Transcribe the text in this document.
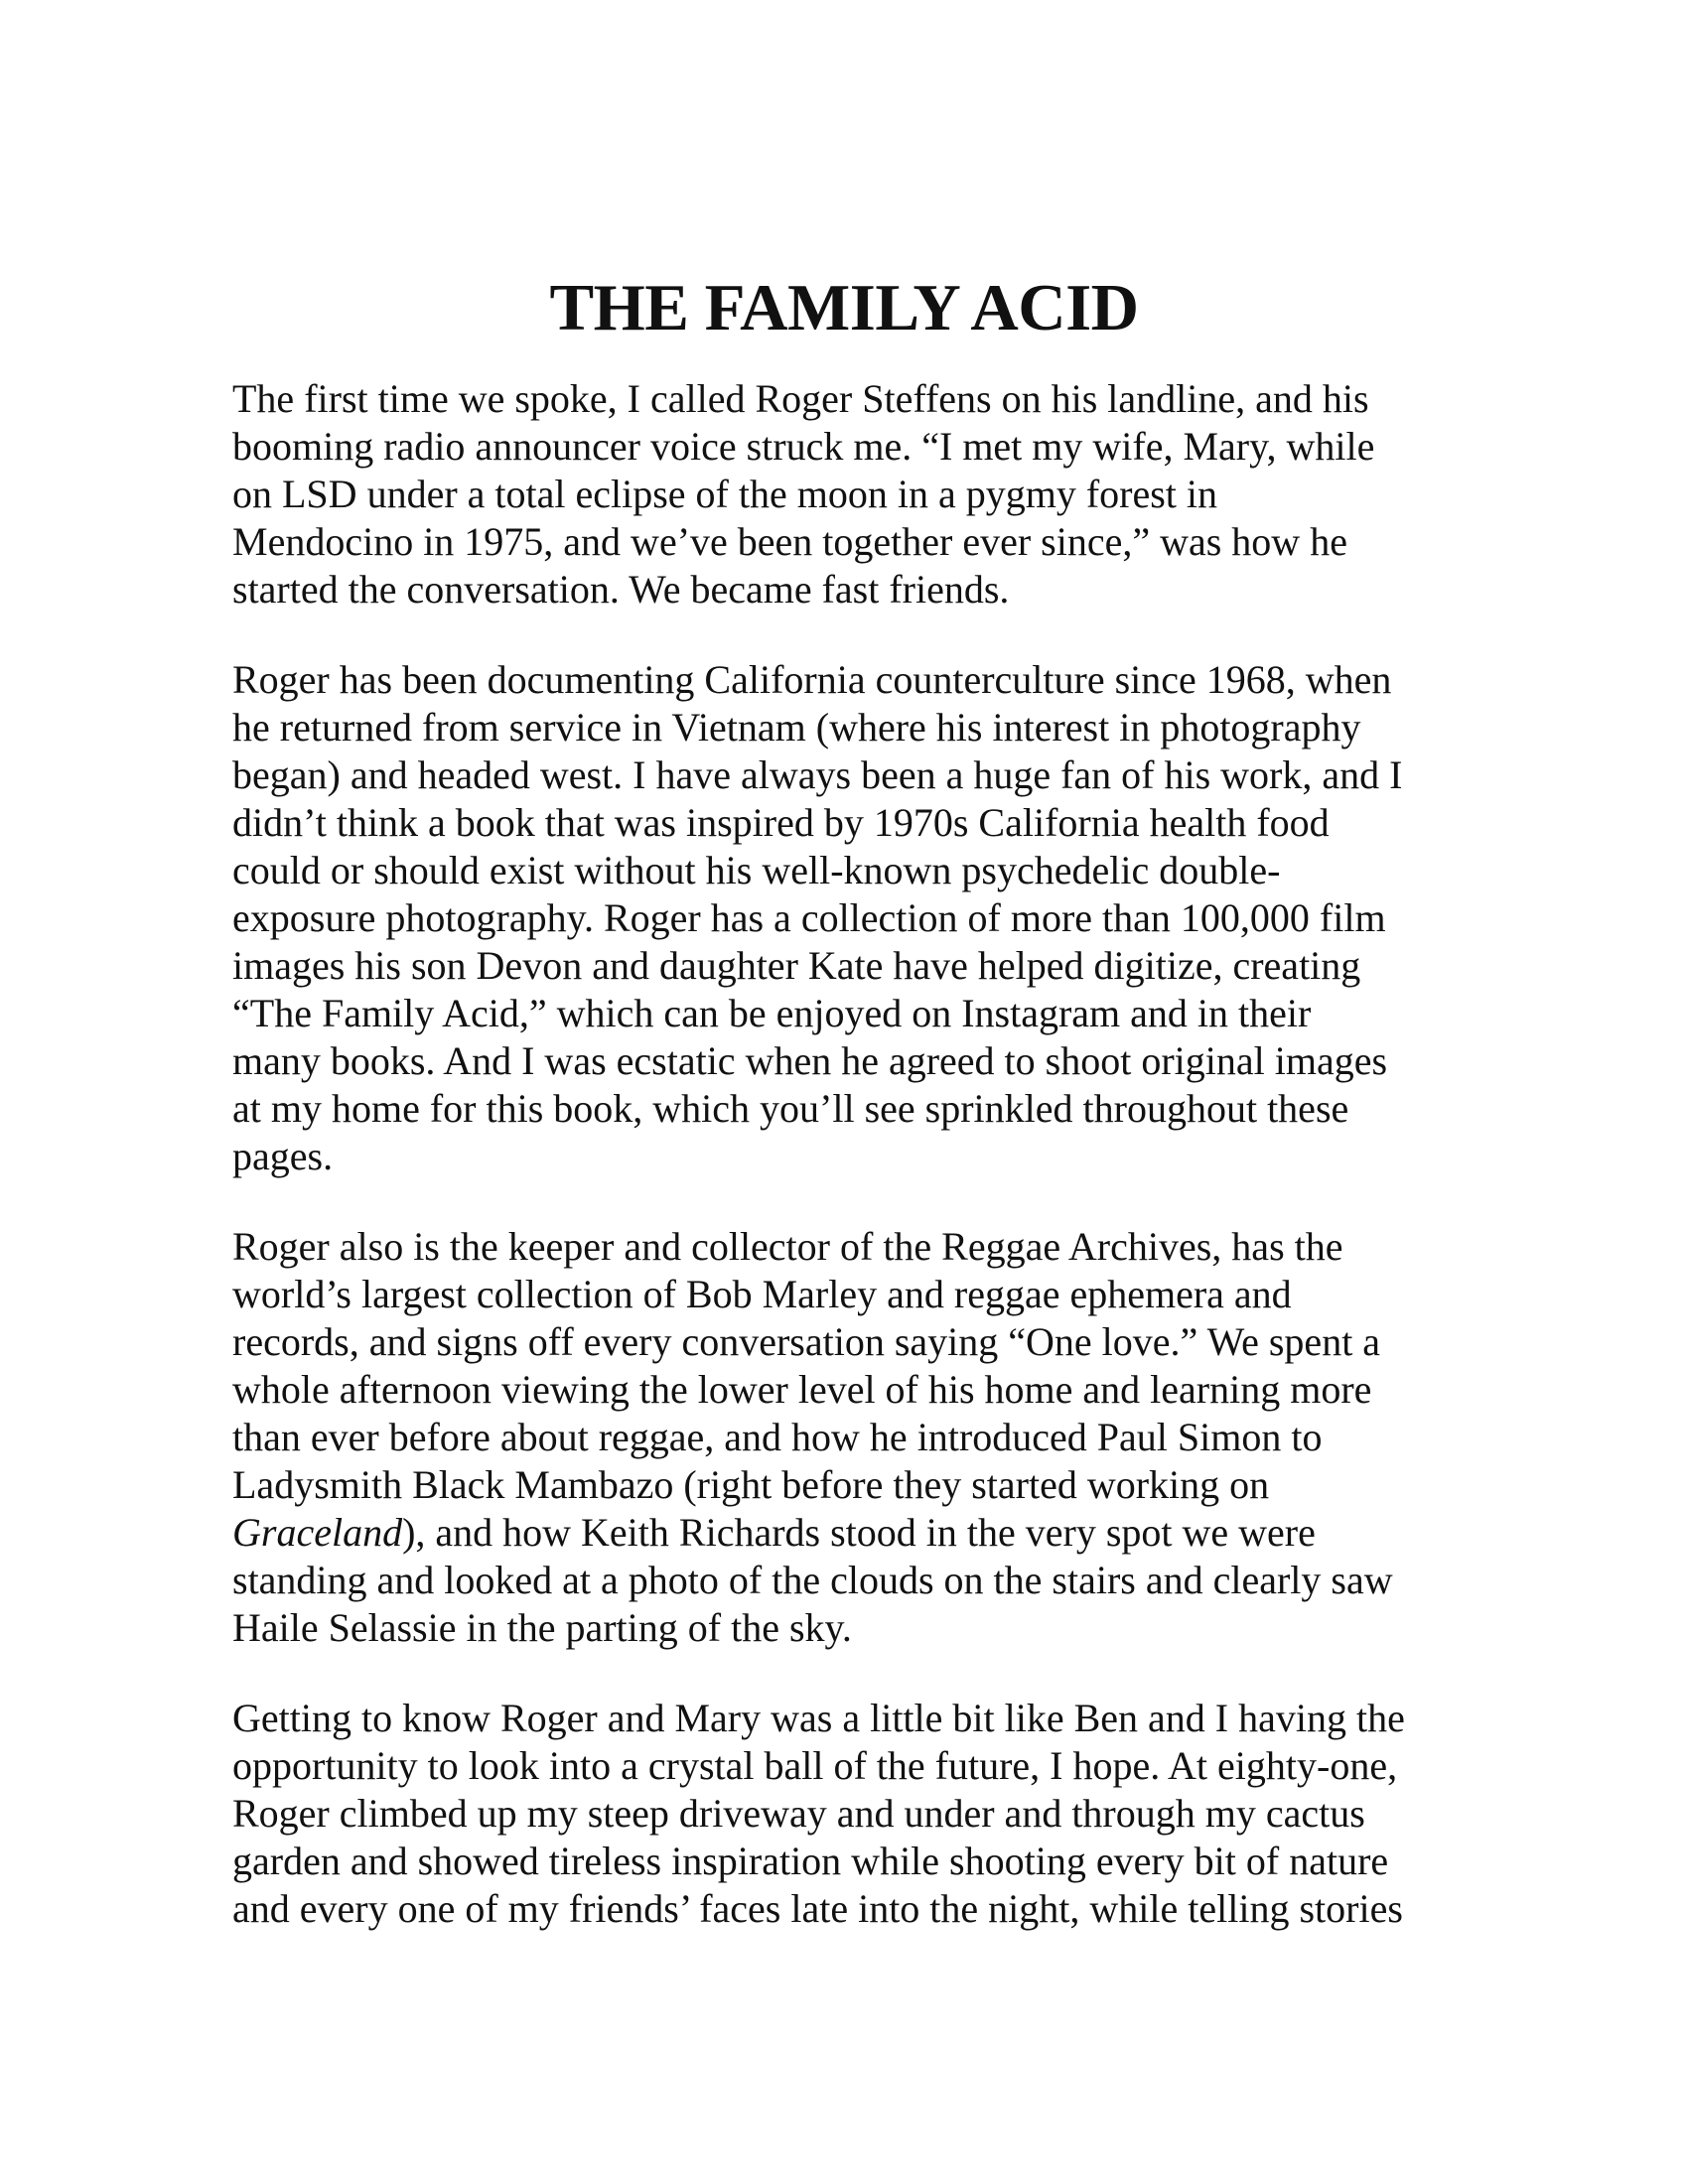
THE FAMILY ACID

The first time we spoke, I called Roger Steffens on his landline, and his
booming radio announcer voice struck me. “I met my wife, Mary, while
on LSD under a total eclipse of the moon in a pygmy forest in
Mendocino in 1975, and we’ve been together ever since,” was how he
started the conversation. We became fast friends.

Roger has been documenting California counterculture since 1968, when
he returned from service in Vietnam (where his interest in photography
began) and headed west. I have always been a huge fan of his work, and I
didn’t think a book that was inspired by 1970s California health food
could or should exist without his well-known psychedelic double-
exposure photography. Roger has a collection of more than 100,000 film
images his son Devon and daughter Kate have helped digitize, creating
“The Family Acid,” which can be enjoyed on Instagram and in their
many books. And I was ecstatic when he agreed to shoot original images
at my home for this book, which you’ll see sprinkled throughout these
pages.

Roger also is the keeper and collector of the Reggae Archives, has the
world’s largest collection of Bob Marley and reggae ephemera and
records, and signs off every conversation saying “One love.” We spent a
whole afternoon viewing the lower level of his home and learning more
than ever before about reggae, and how he introduced Paul Simon to
Ladysmith Black Mambazo (right before they started working on
Graceland), and how Keith Richards stood in the very spot we were
standing and looked at a photo of the clouds on the stairs and clearly saw
Haile Selassie in the parting of the sky.

Getting to know Roger and Mary was a little bit like Ben and I having the
opportunity to look into a crystal ball of the future, I hope. At eighty-one,
Roger climbed up my steep driveway and under and through my cactus
garden and showed tireless inspiration while shooting every bit of nature
and every one of my friends’ faces late into the night, while telling stories
